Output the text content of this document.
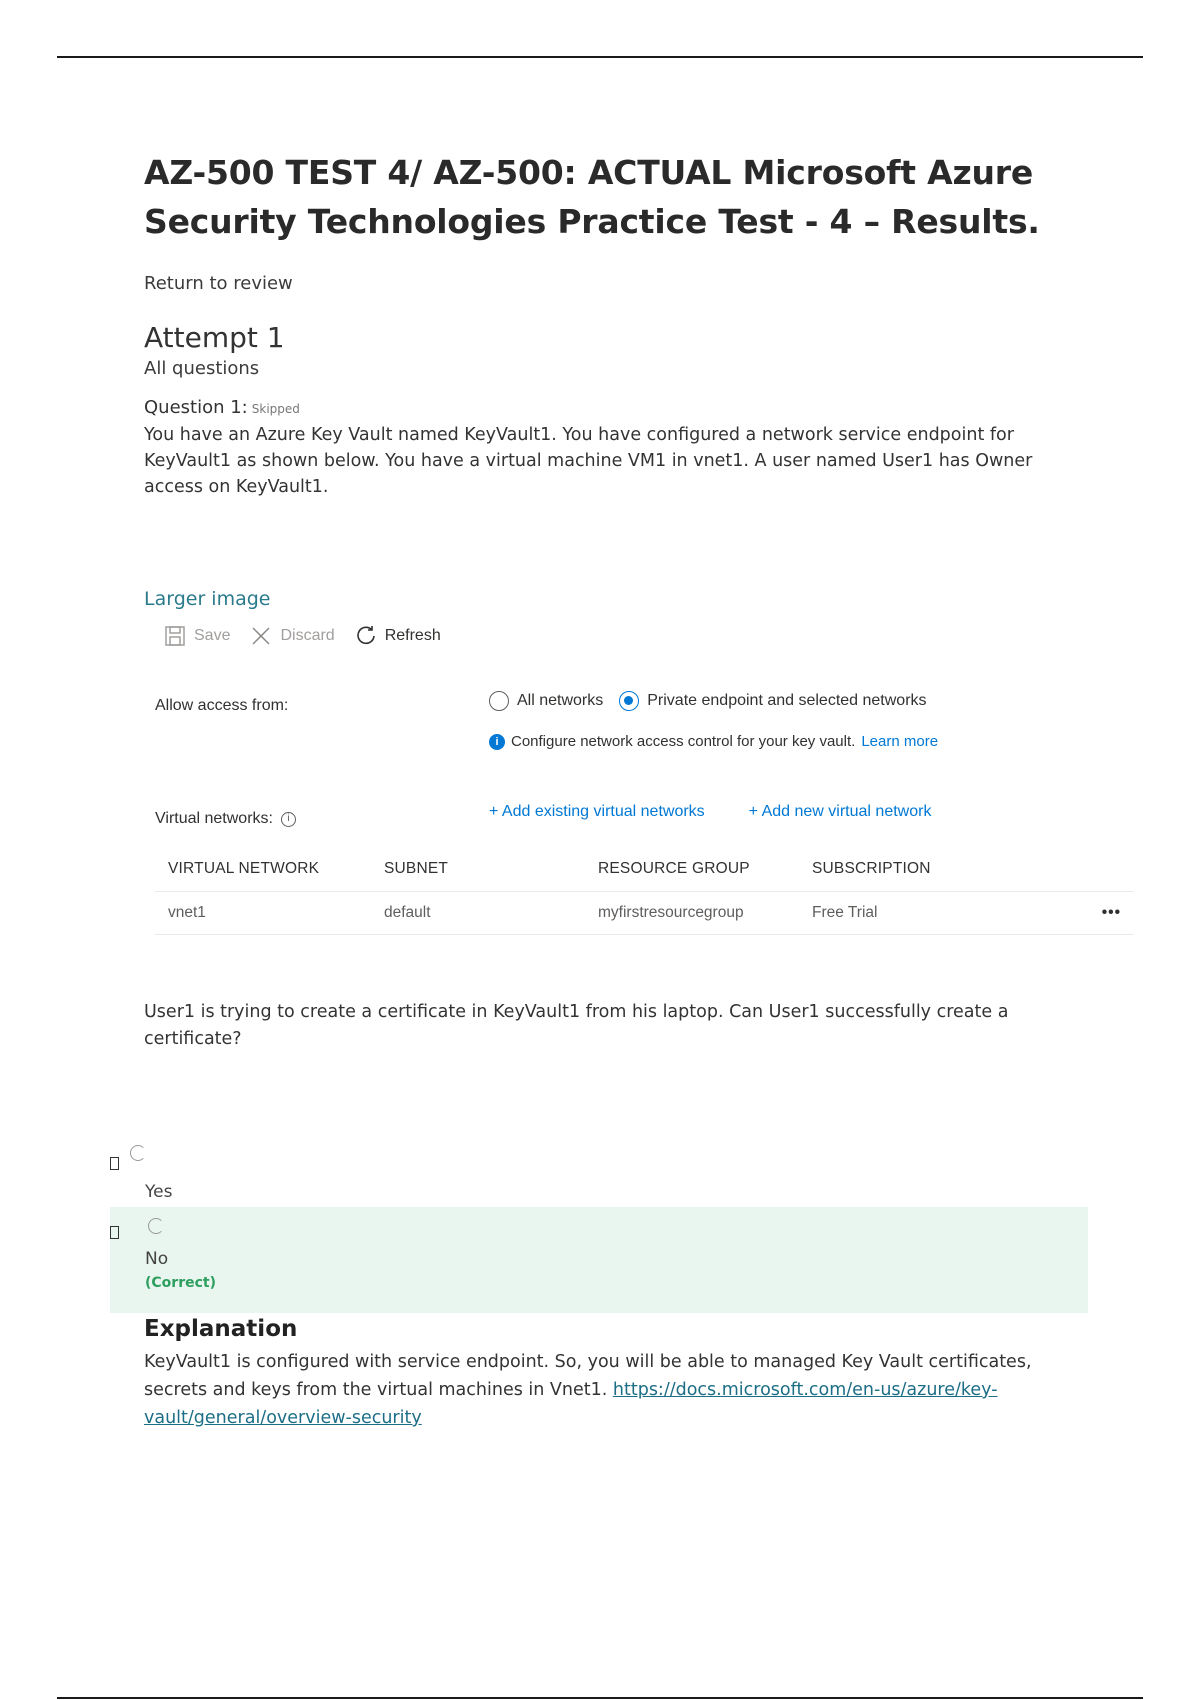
AZ-500 TEST 4/ AZ-500: ACTUAL Microsoft Azure Security Technologies Practice Test - 4 – Results.
Return to review
Attempt 1
All questions
Question 1: Skipped
You have an Azure Key Vault named KeyVault1. You have configured a network service endpoint for KeyVault1 as shown below. You have a virtual machine VM1 in vnet1. A user named User1 has Owner access on KeyVault1.
Larger image
Save	Discard	Refresh
Allow access from:	All networks	Private endpoint and selected networks
i Configure network access control for your key vault. Learn more
Virtual networks:	i	+ Add existing virtual networks	+ Add new virtual network
VIRTUAL NETWORK	SUBNET	RESOURCE GROUP	SUBSCRIPTION	
vnet1	default	myfirstresourcegroup	Free Trial	•••
User1 is trying to create a certificate in KeyVault1 from his laptop. Can User1 successfully create a certificate?
Yes
No
(Correct)
Explanation
KeyVault1 is configured with service endpoint. So, you will be able to managed Key Vault certificates, secrets and keys from the virtual machines in Vnet1. https://docs.microsoft.com/en-us/azure/key-vault/general/overview-security
